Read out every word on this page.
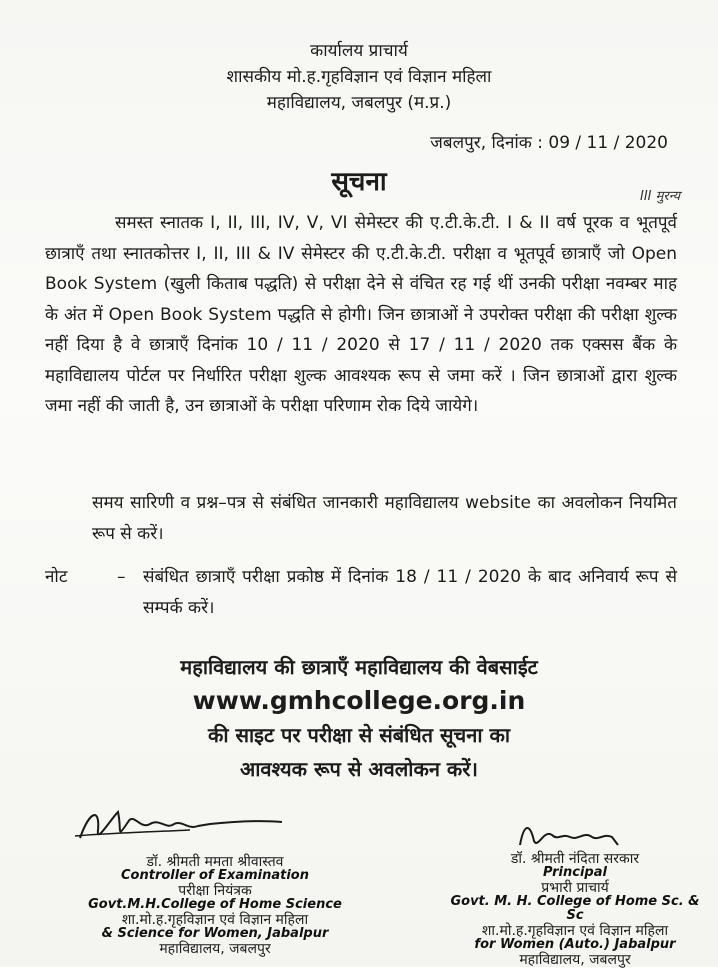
कार्यालय प्राचार्य
शासकीय मो.ह.गृहविज्ञान एवं विज्ञान महिला
महाविद्यालय, जबलपुर (म.प्र.)
जबलपुर, दिनांक : 09 / 11 / 2020
सूचना	III मुरन्य

समस्त स्नातक I, II, III, IV, V, VI सेमेस्टर की ए.टी.के.टी. I & II वर्ष पूरक व भूतपूर्व छात्राएँ तथा स्नातकोत्तर I, II, III & IV सेमेस्टर की ए.टी.के.टी. परीक्षा व भूतपूर्व छात्राएँ जो Open Book System (खुली किताब पद्धति) से परीक्षा देने से वंचित रह गई थीं उनकी परीक्षा नवम्बर माह के अंत में Open Book System पद्धति से होगी। जिन छात्राओं ने उपरोक्त परीक्षा की परीक्षा शुल्क नहीं दिया है वे छात्राएँ दिनांक 10 / 11 / 2020 से 17 / 11 / 2020 तक एक्सस बैंक के महाविद्यालय पोर्टल पर निर्धारित परीक्षा शुल्क आवश्यक रूप से जमा करें । जिन छात्राओं द्वारा शुल्क जमा नहीं की जाती है, उन छात्राओं के परीक्षा परिणाम रोक दिये जायेगे।

समय सारिणी व प्रश्न–पत्र से संबंधित जानकारी महाविद्यालय website का अवलोकन नियमित रूप से करें।

नोट	– संबंधित छात्राएँ परीक्षा प्रकोष्ठ में दिनांक 18 / 11 / 2020 के बाद अनिवार्य रूप से सम्पर्क करें।
महाविद्यालय की छात्राएँ महाविद्यालय की वेबसाईट
www.gmhcollege.org.in
की साइट पर परीक्षा से संबंधित सूचना का
आवश्यक रूप से अवलोकन करें।
डॉ. श्रीमती ममता श्रीवास्तव
Controller of Examination
परीक्षा नियंत्रक
Govt.M.H.College of Home Science
शा.मो.ह.गृहविज्ञान एवं विज्ञान महिला
& Science for Women, Jabalpur
महाविद्यालय, जबलपुर
डॉ. श्रीमती नंदिता सरकार
Principal
प्रभारी प्राचार्य
Govt. M. H. College of Home Sc. & Sc
शा.मो.ह.गृहविज्ञान एवं विज्ञान महिला
for Women (Auto.) Jabalpur
महाविद्यालय, जबलपुर
